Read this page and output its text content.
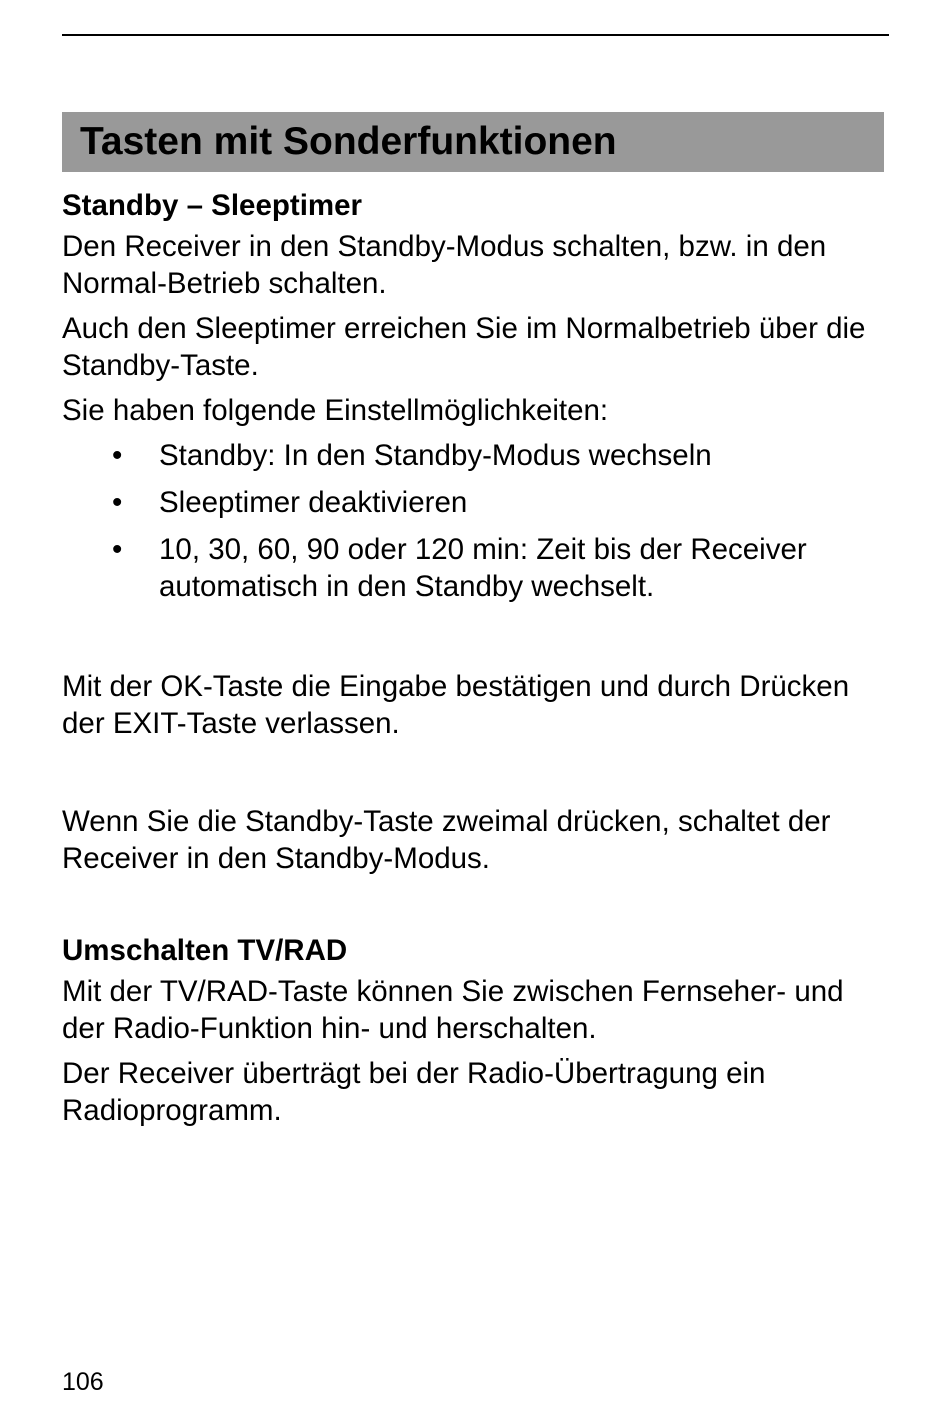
Tasten mit Sonderfunktionen
Standby – Sleeptimer

Den Receiver in den Standby-Modus schalten, bzw. in den Normal-Betrieb schalten.

Auch den Sleeptimer erreichen Sie im Normalbetrieb über die Standby-Taste.

Sie haben folgende Einstellmöglichkeiten:

• Standby: In den Standby-Modus wechseln
• Sleeptimer deaktivieren
• 10, 30, 60, 90 oder 120 min: Zeit bis der Receiver automatisch in den Standby wechselt.

Mit der OK-Taste die Eingabe bestätigen und durch Drücken der EXIT-Taste verlassen.

Wenn Sie die Standby-Taste zweimal drücken, schaltet der Receiver in den Standby-Modus.

Umschalten TV/RAD

Mit der TV/RAD-Taste können Sie zwischen Fernseher- und der Radio-Funktion hin- und herschalten.

Der Receiver überträgt bei der Radio-Übertragung ein Radioprogramm.

106
